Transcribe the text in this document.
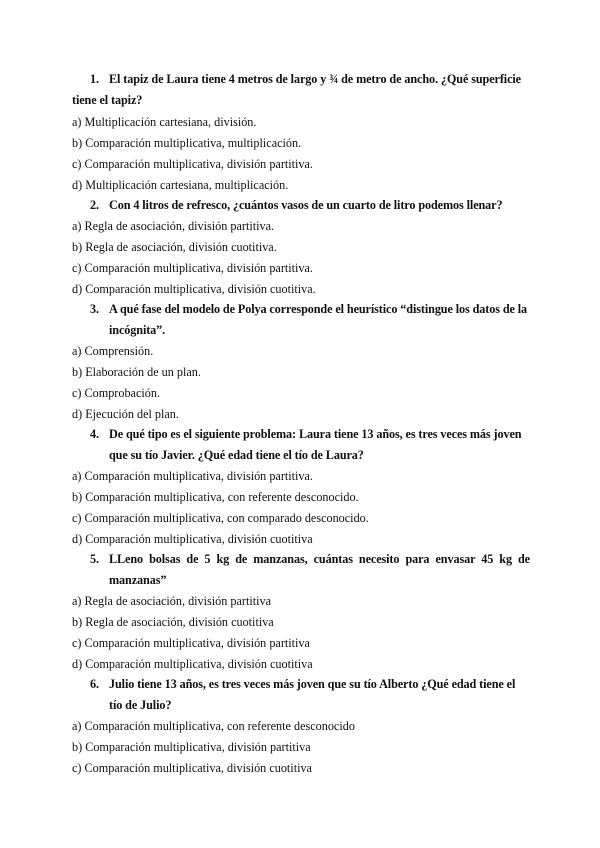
1. El tapiz de Laura tiene 4 metros de largo y ¾ de metro de ancho. ¿Qué superficie tiene el tapiz?
a) Multiplicación cartesiana, división.
b) Comparación multiplicativa, multiplicación.
c) Comparación multiplicativa, división partitiva.
d) Multiplicación cartesiana, multiplicación.
2. Con 4 litros de refresco, ¿cuántos vasos de un cuarto de litro podemos llenar?
a) Regla de asociación, división partitiva.
b) Regla de asociación, división cuotitiva.
c) Comparación multiplicativa, división partitiva.
d) Comparación multiplicativa, división cuotitiva.
3. A qué fase del modelo de Polya corresponde el heurístico “distingue los datos de la incógnita”.
a) Comprensión.
b) Elaboración de un plan.
c) Comprobación.
d) Ejecución del plan.
4. De qué tipo es el siguiente problema: Laura tiene 13 años, es tres veces más joven que su tío Javier. ¿Qué edad tiene el tío de Laura?
a) Comparación multiplicativa, división partitiva.
b) Comparación multiplicativa, con referente desconocido.
c) Comparación multiplicativa, con comparado desconocido.
d) Comparación multiplicativa, división cuotitiva
5. LLeno bolsas de 5 kg de manzanas, cuántas necesito para envasar 45 kg de manzanas”
a) Regla de asociación, división partitiva
b) Regla de asociación, división cuotitiva
c) Comparación multiplicativa, división partitiva
d) Comparación multiplicativa, división cuotitiva
6. Julio tiene 13 años, es tres veces más joven que su tío Alberto ¿Qué edad tiene el tío de Julio?
a) Comparación multiplicativa, con referente desconocido
b) Comparación multiplicativa, división partitiva
c) Comparación multiplicativa, división cuotitiva
